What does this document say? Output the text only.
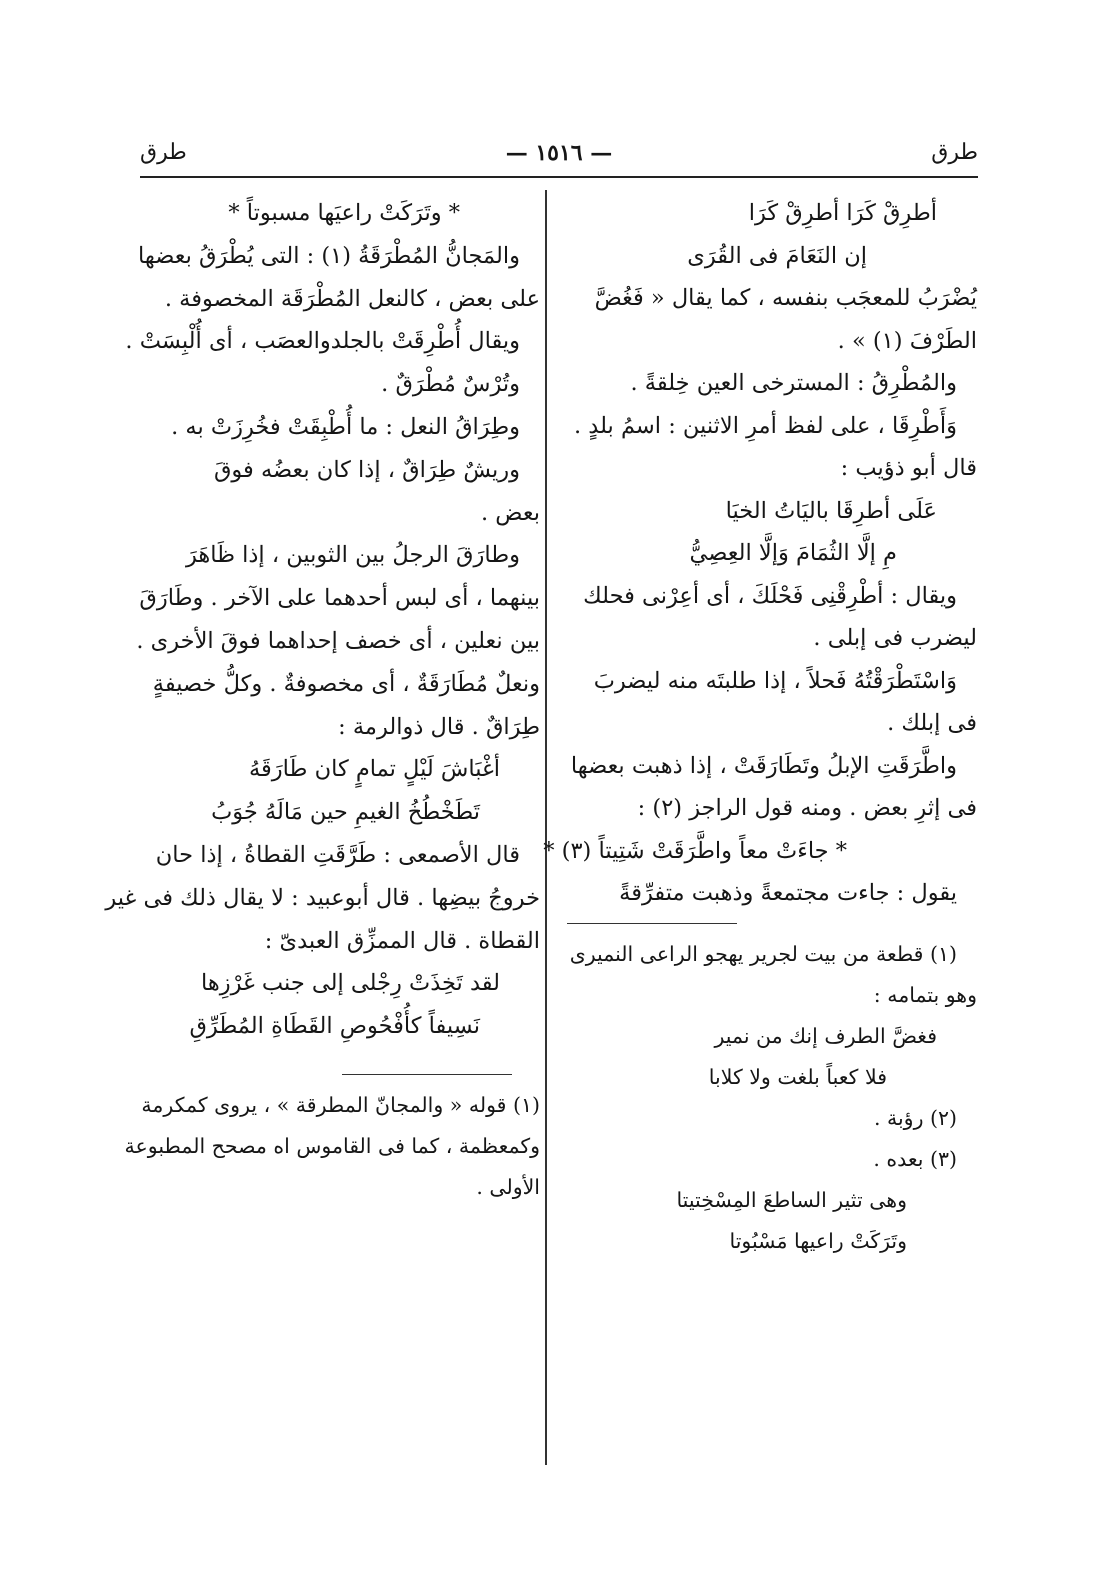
طرق
— ١٥١٦ —
طرق
أطرِقْ كَرَا أطرِقْ كَرَا
إن النَعَامَ فى القُرَى
يُضْرَبُ للمعجَب بنفسه ، كما يقال « فَغُضَّ
الطَرْفَ (١) » .
والمُطْرِقُ : المسترخى العين خِلقةً .
وَأَطْرِقَا ، على لفظ أمرِ الاثنين : اسمُ بلدٍ .
قال أبو ذؤيب :
عَلَى أطرِقَا باليَاتُ الخيَا
مِ إلَّا الثُمَامَ وَإلَّا العِصِيُّ
ويقال : أطْرِقْنِى فَحْلَكَ ، أى أعِرْنى فحلك
ليضرب فى إبلى .
وَاسْتَطْرَقْتُهُ فَحلاً ، إذا طلبتَه منه ليضربَ
فى إبلك .
واطَّرَقَتِ الإبلُ وتَطَارَقَتْ ، إذا ذهبت بعضها
فى إثرِ بعض . ومنه قول الراجز (٢) :
* جاءَتْ معاً واطَّرَقَتْ شَتِيتاً (٣) *
يقول : جاءت مجتمعةً وذهبت متفرِّقةً
(١) قطعة من بيت لجرير يهجو الراعى النميرى
وهو بتمامه :
فغضَّ الطرف إنك من نمير
فلا كعباً بلغت ولا كلابا
(٢) رؤبة .
(٣) بعده .
وهى تثير الساطعَ المِسْخِتيتا
وتَرَكَتْ راعيها مَسْبُوتا
* وتَرَكَتْ راعيَها مسبوتاً *
والمَجانُّ المُطْرَقَةُ (١) : التى يُطْرَقُ بعضها
على بعض ، كالنعل المُطْرَقَة المخصوفة .
ويقال أُطْرِقَتْ بالجلدوالعصَب ، أى أُلْبِسَتْ .
وتُرْسٌ مُطْرَقٌ .
وطِرَاقُ النعل : ما أُطْبِقَتْ فخُرِزَتْ به .
وريشٌ طِرَاقٌ ، إذا كان بعضُه فوقَ
بعض .
وطارَقَ الرجلُ بين الثوبين ، إذا ظَاهَرَ
بينهما ، أى لبس أحدهما على الآخر . وطَارَقَ
بين نعلين ، أى خصف إحداهما فوقَ الأخرى .
ونعلٌ مُطَارَقَةٌ ، أى مخصوفةٌ . وكلُّ خصيفةٍ
طِرَاقٌ . قال ذوالرمة :
أغْبَاشَ لَيْلٍ تمامٍ كان طَارَقَهُ
تَطَخْطُخُ الغيمِ حين مَالَهُ جُوَبُ
قال الأصمعى : طَرَّقَتِ القطاةُ ، إذا حان
خروجُ بيضِها . قال أبوعبيد : لا يقال ذلك فى غير
القطاة . قال الممزِّق العبدىّ :
لقد تَخِذَتْ رِجْلى إلى جنب غَرْزِها
نَسِيفاً كأُفْحُوصِ القَطَاةِ المُطَرِّقِ
(١) قوله « والمجانّ المطرقة » ، يروى كمكرمة
وكمعظمة ، كما فى القاموس اه مصحح المطبوعة
الأولى .
